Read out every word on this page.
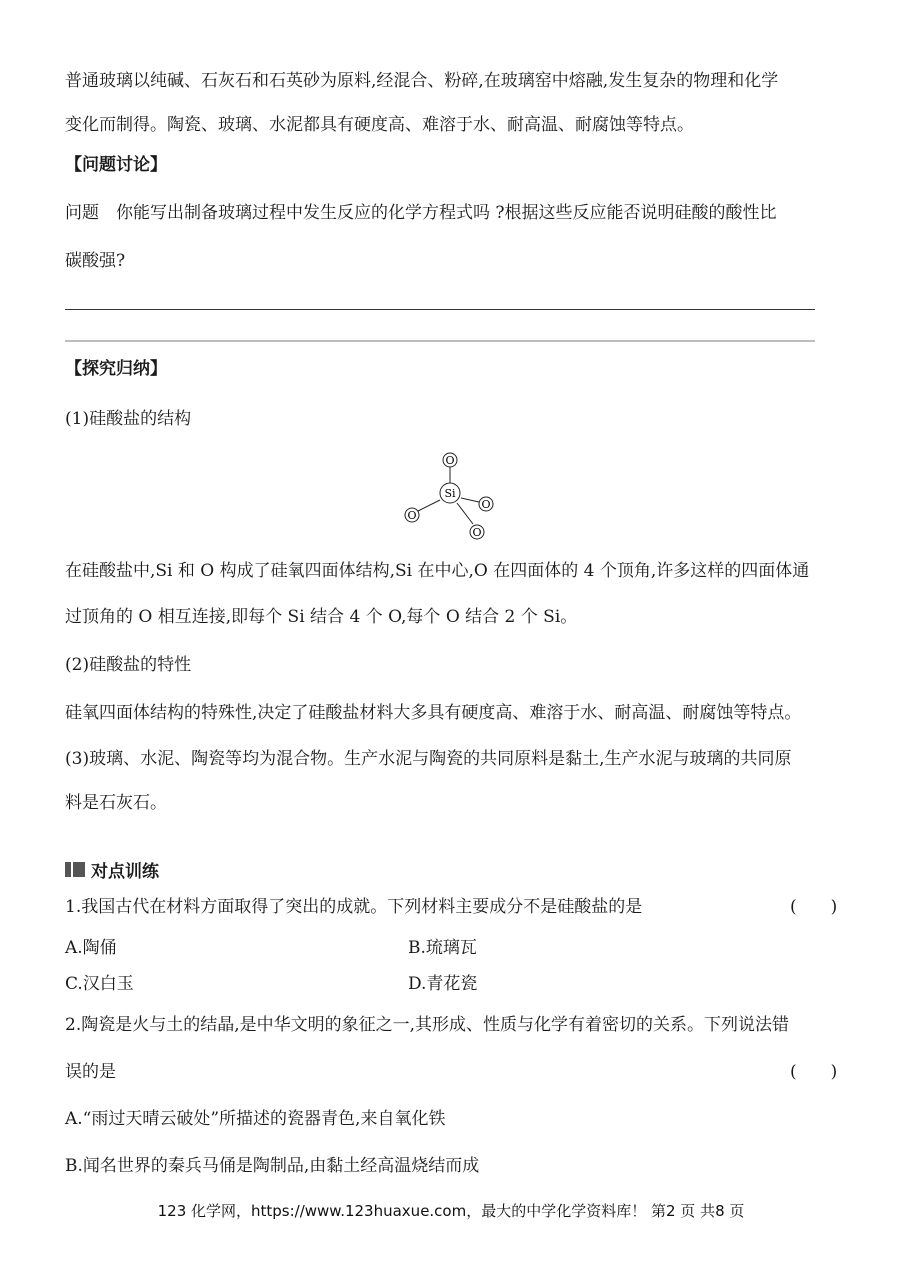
普通玻璃以纯碱、石灰石和石英砂为原料,经混合、粉碎,在玻璃窑中熔融,发生复杂的物理和化学
变化而制得。陶瓷、玻璃、水泥都具有硬度高、难溶于水、耐高温、耐腐蚀等特点。
【问题讨论】
问题　你能写出制备玻璃过程中发生反应的化学方程式吗 ?根据这些反应能否说明硅酸的酸性比
碳酸强?
【探究归纳】
(1)硅酸盐的结构
O
Si
O
O
O
在硅酸盐中,Si 和 O 构成了硅氧四面体结构,Si 在中心,O 在四面体的 4 个顶角,许多这样的四面体通
过顶角的 O 相互连接,即每个 Si 结合 4 个 O,每个 O 结合 2 个 Si。
(2)硅酸盐的特性
硅氧四面体结构的特殊性,决定了硅酸盐材料大多具有硬度高、难溶于水、耐高温、耐腐蚀等特点。
(3)玻璃、水泥、陶瓷等均为混合物。生产水泥与陶瓷的共同原料是黏土,生产水泥与玻璃的共同原
料是石灰石。
对点训练
1.我国古代在材料方面取得了突出的成就。下列材料主要成分不是硅酸盐的是	(　　)
A.陶俑	B.琉璃瓦
C.汉白玉	D.青花瓷
2.陶瓷是火与土的结晶,是中华文明的象征之一,其形成、性质与化学有着密切的关系。下列说法错
误的是	(　　)
A.“雨过天晴云破处”所描述的瓷器青色,来自氧化铁
B.闻名世界的秦兵马俑是陶制品,由黏土经高温烧结而成
123 化学网，https://www.123huaxue.com，最大的中学化学资料库！ 第2 页 共8 页
